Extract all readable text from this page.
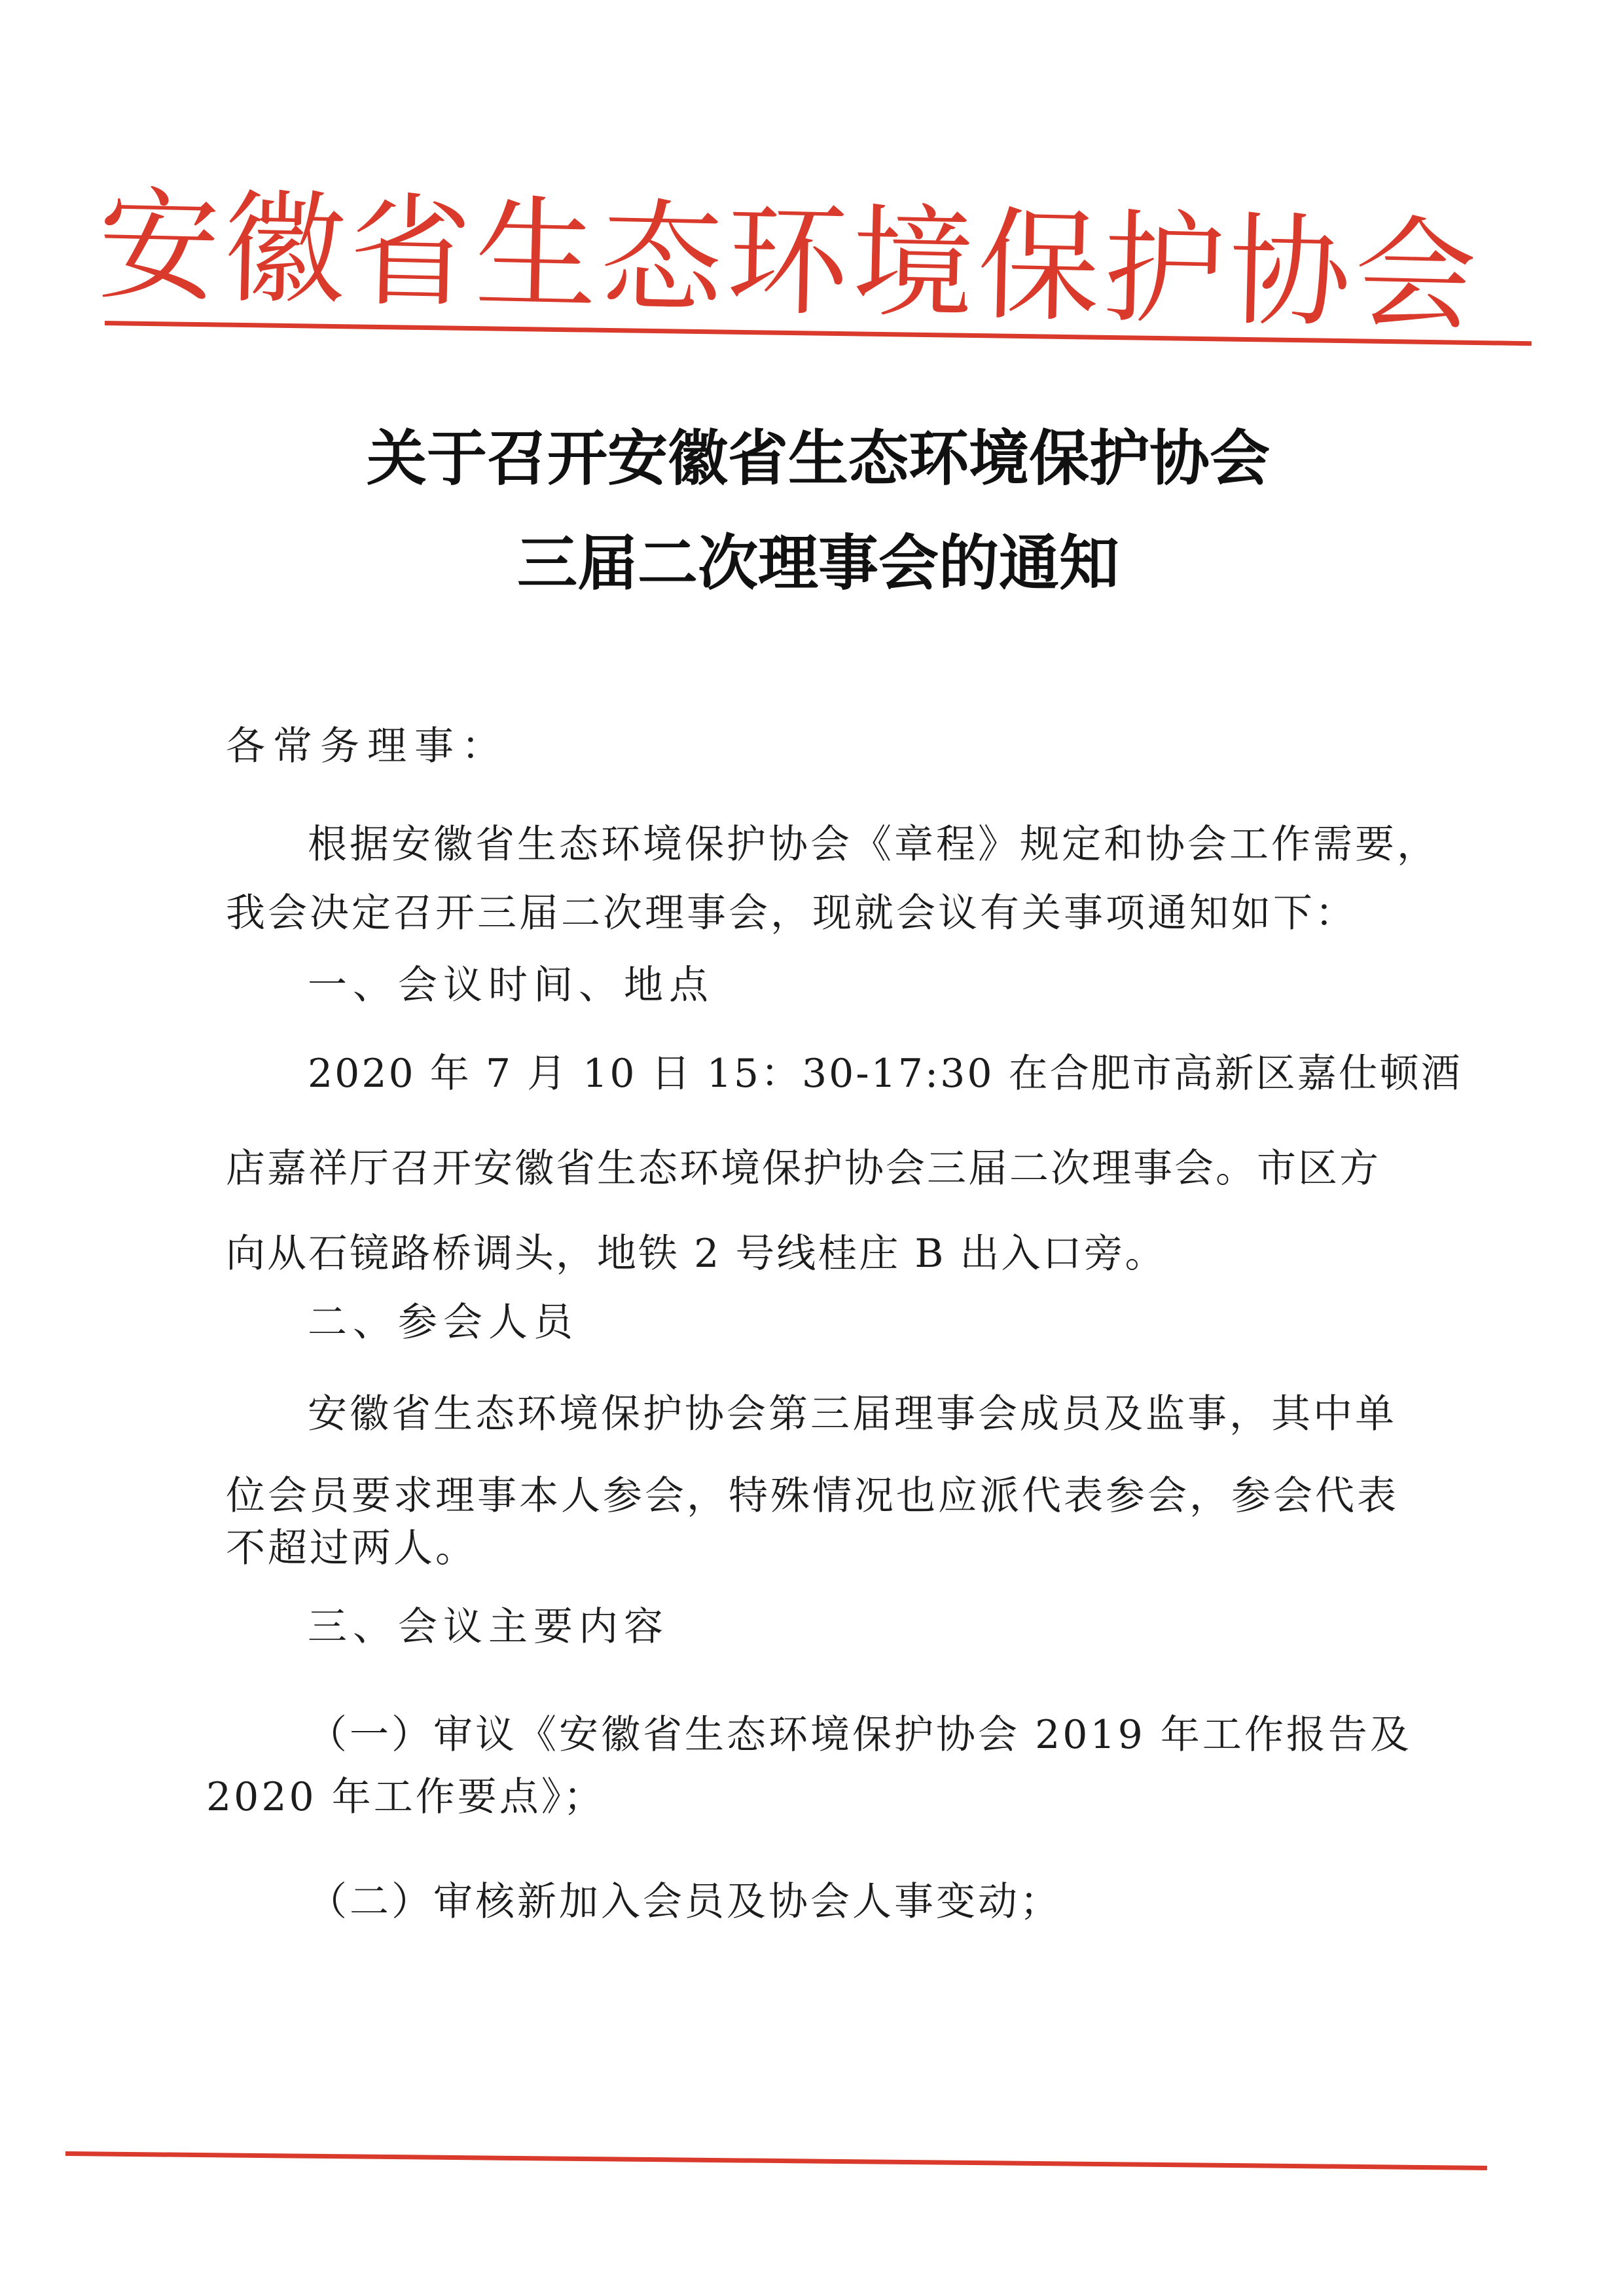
安徽省生态环境保护协会
关于召开安徽省生态环境保护协会
三届二次理事会的通知
各常务理事：
根据安徽省生态环境保护协会《章程》规定和协会工作需要，
我会决定召开三届二次理事会，现就会议有关事项通知如下：
一、会议时间、地点
2020 年 7 月 10 日 15：30-17:30 在合肥市高新区嘉仕顿酒
店嘉祥厅召开安徽省生态环境保护协会三届二次理事会。市区方
向从石镜路桥调头，地铁 2 号线桂庄 B 出入口旁。
二、参会人员
安徽省生态环境保护协会第三届理事会成员及监事，其中单
位会员要求理事本人参会，特殊情况也应派代表参会，参会代表
不超过两人。
三、会议主要内容
（一）审议《安徽省生态环境保护协会 2019 年工作报告及
2020 年工作要点》；
（二）审核新加入会员及协会人事变动；
